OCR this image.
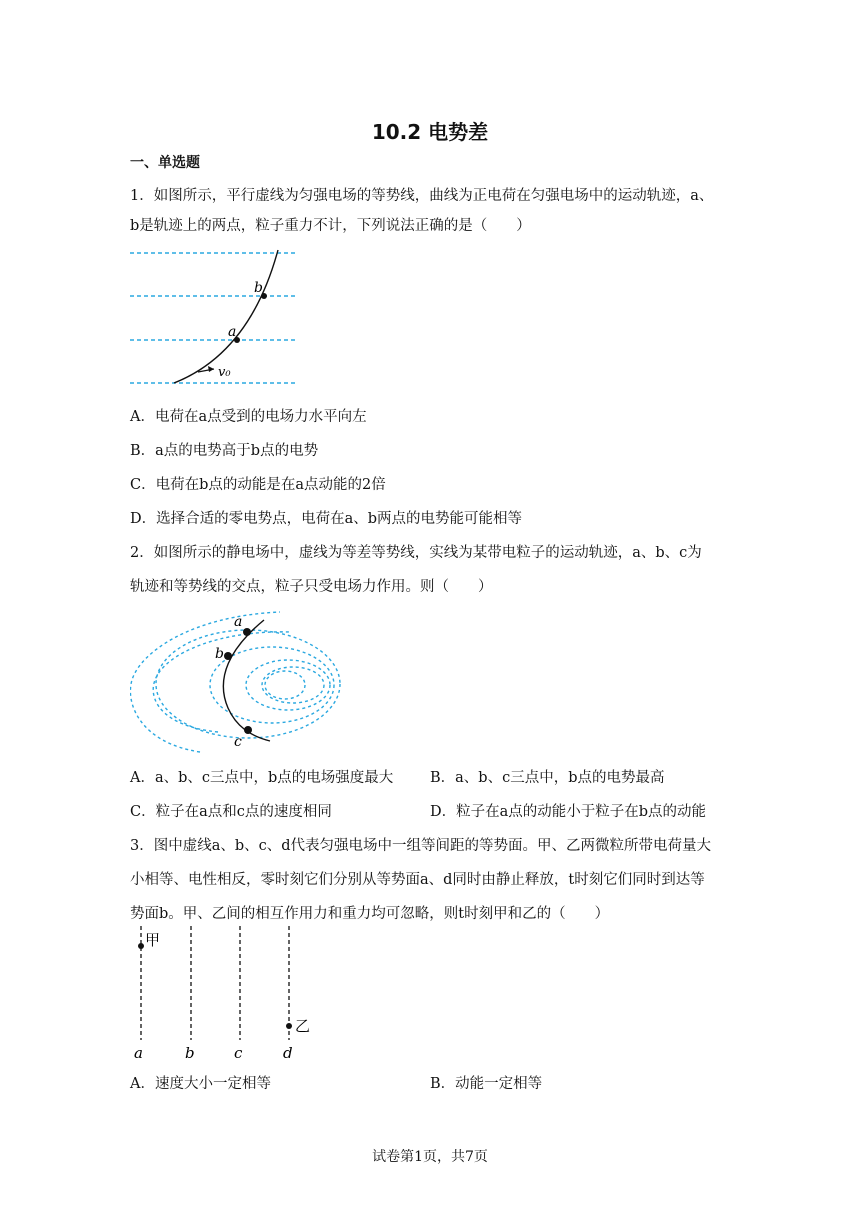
10.2 电势差
一、单选题
1．如图所示，平行虚线为匀强电场的等势线，曲线为正电荷在匀强电场中的运动轨迹，a、
b是轨迹上的两点，粒子重力不计，下列说法正确的是（　　）
a
b
v₀
A．电荷在a点受到的电场力水平向左
B．a点的电势高于b点的电势
C．电荷在b点的动能是在a点动能的2倍
D．选择合适的零电势点，电荷在a、b两点的电势能可能相等
2．如图所示的静电场中，虚线为等差等势线，实线为某带电粒子的运动轨迹，a、b、c为
轨迹和等势线的交点，粒子只受电场力作用。则（　　）
a
b
c
A．a、b、c三点中，b点的电场强度最大	B．a、b、c三点中，b点的电势最高
C．粒子在a点和c点的速度相同	D．粒子在a点的动能小于粒子在b点的动能
3．图中虚线a、b、c、d代表匀强电场中一组等间距的等势面。甲、乙两微粒所带电荷量大
小相等、电性相反，零时刻它们分别从等势面a、d同时由静止释放，t时刻它们同时到达等
势面b。甲、乙间的相互作用力和重力均可忽略，则t时刻甲和乙的（　　）
甲
乙
a	b	c	d
A．速度大小一定相等	B．动能一定相等
试卷第1页，共7页
